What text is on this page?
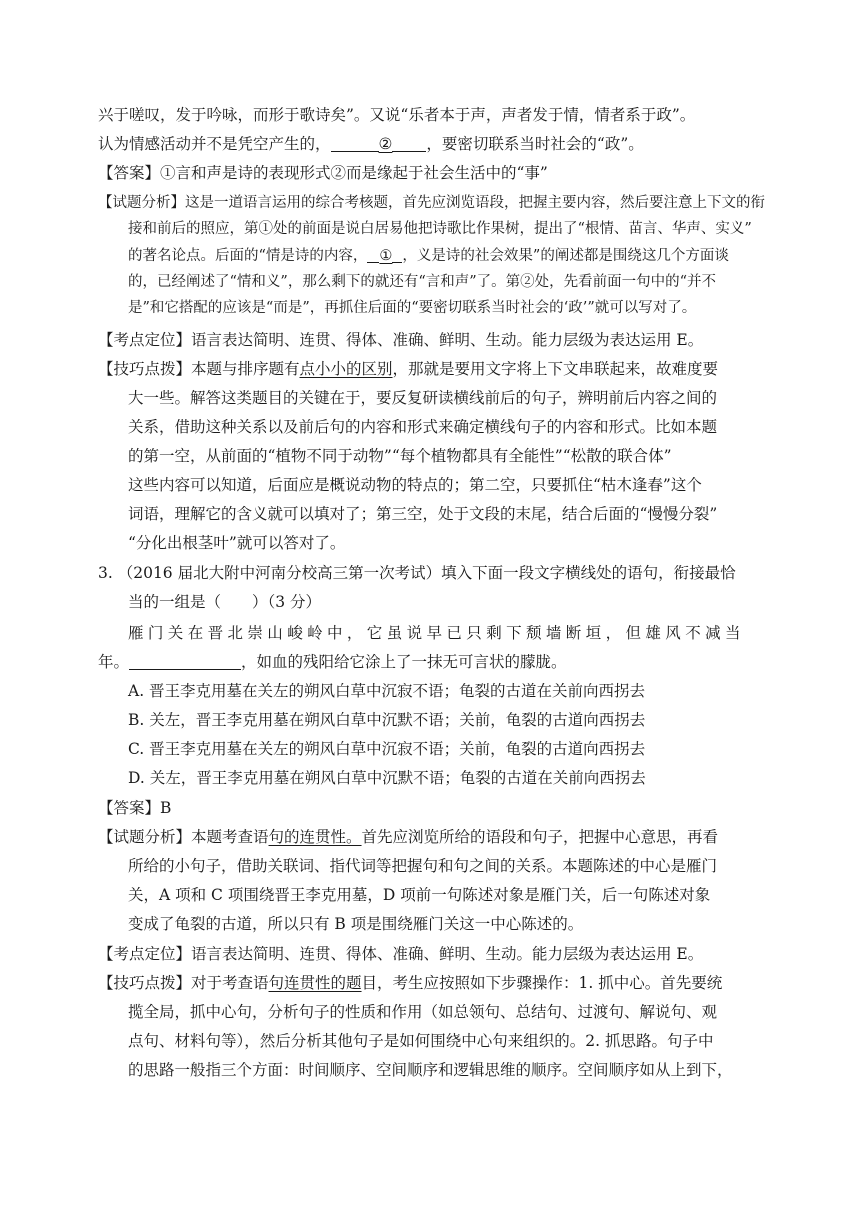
兴于嗟叹，发于吟咏，而形于歌诗矣”。又说“乐者本于声，声者发于情，情者系于政”。
认为情感活动并不是凭空产生的，	② ，要密切联系当时社会的“政”。
【答案】①言和声是诗的表现形式②而是缘起于社会生活中的“事”
【试题分析】这是一道语言运用的综合考核题，首先应浏览语段，把握主要内容，然后要注意上下文的衔
接和前后的照应，第①处的前面是说白居易他把诗歌比作果树，提出了“根情、苗言、华声、实义”
的著名论点。后面的“情是诗的内容， ① ，义是诗的社会效果”的阐述都是围绕这几个方面谈
的，已经阐述了“情和义”，那么剩下的就还有“言和声”了。第②处，先看前面一句中的“并不
是”和它搭配的应该是“而是”，再抓住后面的“要密切联系当时社会的‘政’”就可以写对了。
【考点定位】语言表达简明、连贯、得体、准确、鲜明、生动。能力层级为表达运用 E。
【技巧点拨】本题与排序题有点小小的区别，那就是要用文字将上下文串联起来，故难度要
大一些。解答这类题目的关键在于，要反复研读横线前后的句子，辨明前后内容之间的
关系，借助这种关系以及前后句的内容和形式来确定横线句子的内容和形式。比如本题
的第一空，从前面的“植物不同于动物”“每个植物都具有全能性”“松散的联合体”
这些内容可以知道，后面应是概说动物的特点的；第二空，只要抓住“枯木逢春”这个
词语，理解它的含义就可以填对了；第三空，处于文段的末尾，结合后面的“慢慢分裂”
“分化出根茎叶”就可以答对了。
3. （2016 届北大附中河南分校高三第一次考试）填入下面一段文字横线处的语句，衔接最恰
当的一组是（　　）（3 分）
雁门关在晋北崇山峻岭中，它虽说早已只剩下颓墙断垣，但雄风不减当
年。	，如血的残阳给它涂上了一抹无可言状的朦胧。
A. 晋王李克用墓在关左的朔风白草中沉寂不语；龟裂的古道在关前向西拐去
B. 关左，晋王李克用墓在朔风白草中沉默不语；关前，龟裂的古道向西拐去
C. 晋王李克用墓在关左的朔风白草中沉寂不语；关前，龟裂的古道向西拐去
D. 关左，晋王李克用墓在朔风白草中沉默不语；龟裂的古道在关前向西拐去
【答案】B
【试题分析】本题考查语句的连贯性。首先应浏览所给的语段和句子，把握中心意思，再看
所给的小句子，借助关联词、指代词等把握句和句之间的关系。本题陈述的中心是雁门
关，A 项和 C 项围绕晋王李克用墓，D 项前一句陈述对象是雁门关，后一句陈述对象
变成了龟裂的古道，所以只有 B 项是围绕雁门关这一中心陈述的。
【考点定位】语言表达简明、连贯、得体、准确、鲜明、生动。能力层级为表达运用 E。
【技巧点拨】对于考查语句连贯性的题目，考生应按照如下步骤操作：1. 抓中心。首先要统
揽全局，抓中心句，分析句子的性质和作用（如总领句、总结句、过渡句、解说句、观
点句、材料句等），然后分析其他句子是如何围绕中心句来组织的。2. 抓思路。句子中
的思路一般指三个方面：时间顺序、空间顺序和逻辑思维的顺序。空间顺序如从上到下，
